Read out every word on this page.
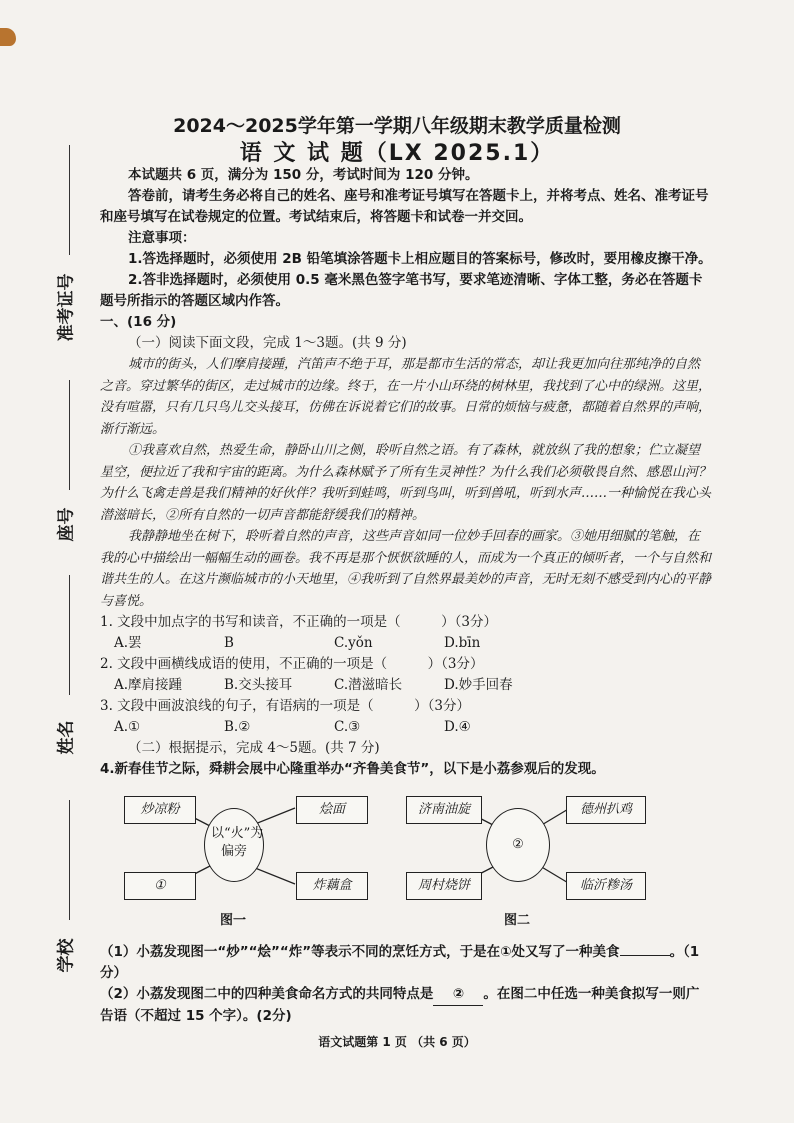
准考证号
座号
姓名
学校
2024～2025学年第一学期八年级期末教学质量检测
语 文 试 题（LX 2025.1）

本试题共 6 页，满分为 150 分，考试时间为 120 分钟。

答卷前，请考生务必将自己的姓名、座号和准考证号填写在答题卡上，并将考点、姓名、准考证号和座号填写在试卷规定的位置。考试结束后，将答题卡和试卷一并交回。

注意事项：

1.答选择题时，必须使用 2B 铅笔填涂答题卡上相应题目的答案标号，修改时，要用橡皮擦干净。

2.答非选择题时，必须使用 0.5 毫米黑色签字笔书写，要求笔迹清晰、字体工整，务必在答题卡题号所指示的答题区域内作答。

一、(16 分)

（一）阅读下面文段，完成 1～3题。(共 9 分)

城市的街头，人们摩肩接踵，汽笛声不绝于耳，那是都市生活的常态，却让我更加向往那纯净的自然之音。穿过繁华的街区，走过城市的边缘。终于，在一片小山环绕的树林里，我找到了心中的绿洲。这里，没有喧嚣，只有几只鸟儿交头接耳，仿佛在诉说着它们的故事。日常的烦恼与疲惫，都随着自然界的声响，渐行渐远。

①我喜欢自然，热爱生命，静卧山川之侧，聆听自然之语。有了森林，就放纵了我的想象；伫立凝望星空，便拉近了我和宇宙的距离。为什么森林赋予了所有生灵神性？为什么我们必须敬畏自然、感恩山河？为什么飞禽走兽是我们精神的好伙伴？我听到蛙鸣，听到鸟叫，听到兽吼，听到水声……一种愉悦在我心头潜滋暗长，②所有自然的一切声音都能舒缓我们的精神。

我静静地坐在树下，聆听着自然的声音，这些声音如同一位妙手回春的画家。③她用细腻的笔触，在我的心中描绘出一幅幅生动的画卷。我不再是那个恹恹欲睡的人，而成为一个真正的倾听者，一个与自然和谐共生的人。在这片濒临城市的小天地里，④我听到了自然界最美妙的声音，无时无刻不感受到内心的平静与喜悦。

1. 文段中加点字的书写和读音，不正确的一项是（　　　）（3分）

A.罢	B	C.yǒn	D.bīn

2. 文段中画横线成语的使用，不正确的一项是（　　　）（3分）

A.摩肩接踵	B.交头接耳	C.潜滋暗长	D.妙手回春

3. 文段中画波浪线的句子，有语病的一项是（　　　）（3分）

A.①	B.②	C.③	D.④

（二）根据提示，完成 4～5题。(共 7 分)

4.新春佳节之际，舜耕会展中心隆重举办“齐鲁美食节”，以下是小荔参观后的发现。

炒凉粉	烩面
①	炸藕盒
以“火”为偏旁
图一
济南油旋	德州扒鸡
周村烧饼	临沂糁汤
②
图二

（1）小荔发现图一“炒”“烩”“炸”等表示不同的烹饪方式，于是在①处又写了一种美食	。（1分）

（2）小荔发现图二中的四种美食命名方式的共同特点是 ② 。在图二中任选一种美食拟写一则广告语（不超过 15 个字）。(2分)

语文试题第 1 页 （共 6 页）
